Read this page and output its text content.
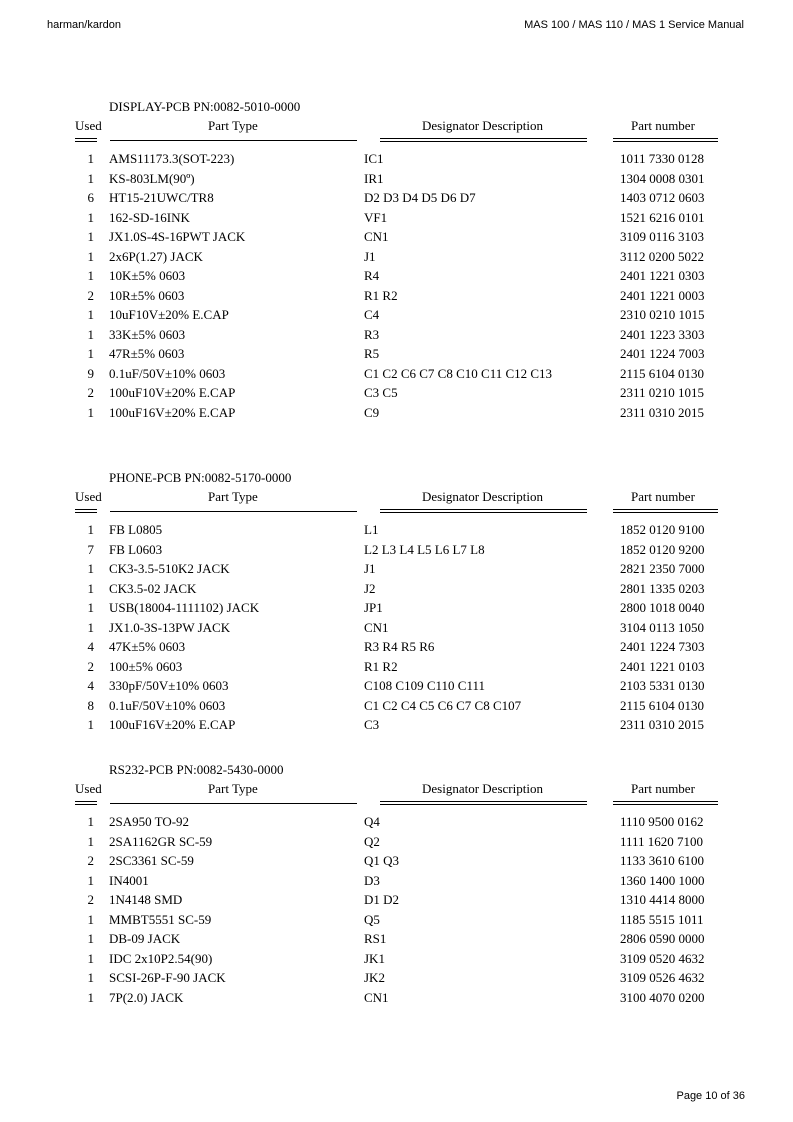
harman/kardon	MAS 100 / MAS 110 / MAS 1 Service Manual
DISPLAY-PCB PN:0082-5010-0000
Used	Part Type	Designator Description	Part number
1 AMS11173.3(SOT-223)	IC1	1011 7330 0128
1 KS-803LM(90º)	IR1	1304 0008 0301
6 HT15-21UWC/TR8	D2 D3 D4 D5 D6 D7	1403 0712 0603
1 162-SD-16INK	VF1	1521 6216 0101
1 JX1.0S-4S-16PWT JACK	CN1	3109 0116 3103
1 2x6P(1.27) JACK	J1	3112 0200 5022
1 10K±5% 0603	R4	2401 1221 0303
2 10R±5% 0603	R1 R2	2401 1221 0003
1 10uF10V±20% E.CAP	C4	2310 0210 1015
1 33K±5% 0603	R3	2401 1223 3303
1 47R±5% 0603	R5	2401 1224 7003
9 0.1uF/50V±10% 0603	C1 C2 C6 C7 C8 C10 C11 C12 C13	2115 6104 0130
2 100uF10V±20% E.CAP	C3 C5	2311 0210 1015
1 100uF16V±20% E.CAP	C9	2311 0310 2015
PHONE-PCB PN:0082-5170-0000
Used	Part Type	Designator Description	Part number
1 FB L0805	L1	1852 0120 9100
7 FB L0603	L2 L3 L4 L5 L6 L7 L8	1852 0120 9200
1 CK3-3.5-510K2 JACK	J1	2821 2350 7000
1 CK3.5-02 JACK	J2	2801 1335 0203
1 USB(18004-1111102) JACK	JP1	2800 1018 0040
1 JX1.0-3S-13PW JACK	CN1	3104 0113 1050
4 47K±5% 0603	R3 R4 R5 R6	2401 1224 7303
2 100±5% 0603	R1 R2	2401 1221 0103
4 330pF/50V±10% 0603	C108 C109 C110 C111	2103 5331 0130
8 0.1uF/50V±10% 0603	C1 C2 C4 C5 C6 C7 C8 C107	2115 6104 0130
1 100uF16V±20% E.CAP	C3	2311 0310 2015
RS232-PCB PN:0082-5430-0000
Used	Part Type	Designator Description	Part number
1 2SA950 TO-92	Q4	1110 9500 0162
1 2SA1162GR SC-59	Q2	1111 1620 7100
2 2SC3361 SC-59	Q1 Q3	1133 3610 6100
1 IN4001	D3	1360 1400 1000
2 1N4148 SMD	D1 D2	1310 4414 8000
1 MMBT5551 SC-59	Q5	1185 5515 1011
1 DB-09 JACK	RS1	2806 0590 0000
1 IDC 2x10P2.54(90)	JK1	3109 0520 4632
1 SCSI-26P-F-90 JACK	JK2	3109 0526 4632
1 7P(2.0) JACK	CN1	3100 4070 0200
Page 10 of 36
